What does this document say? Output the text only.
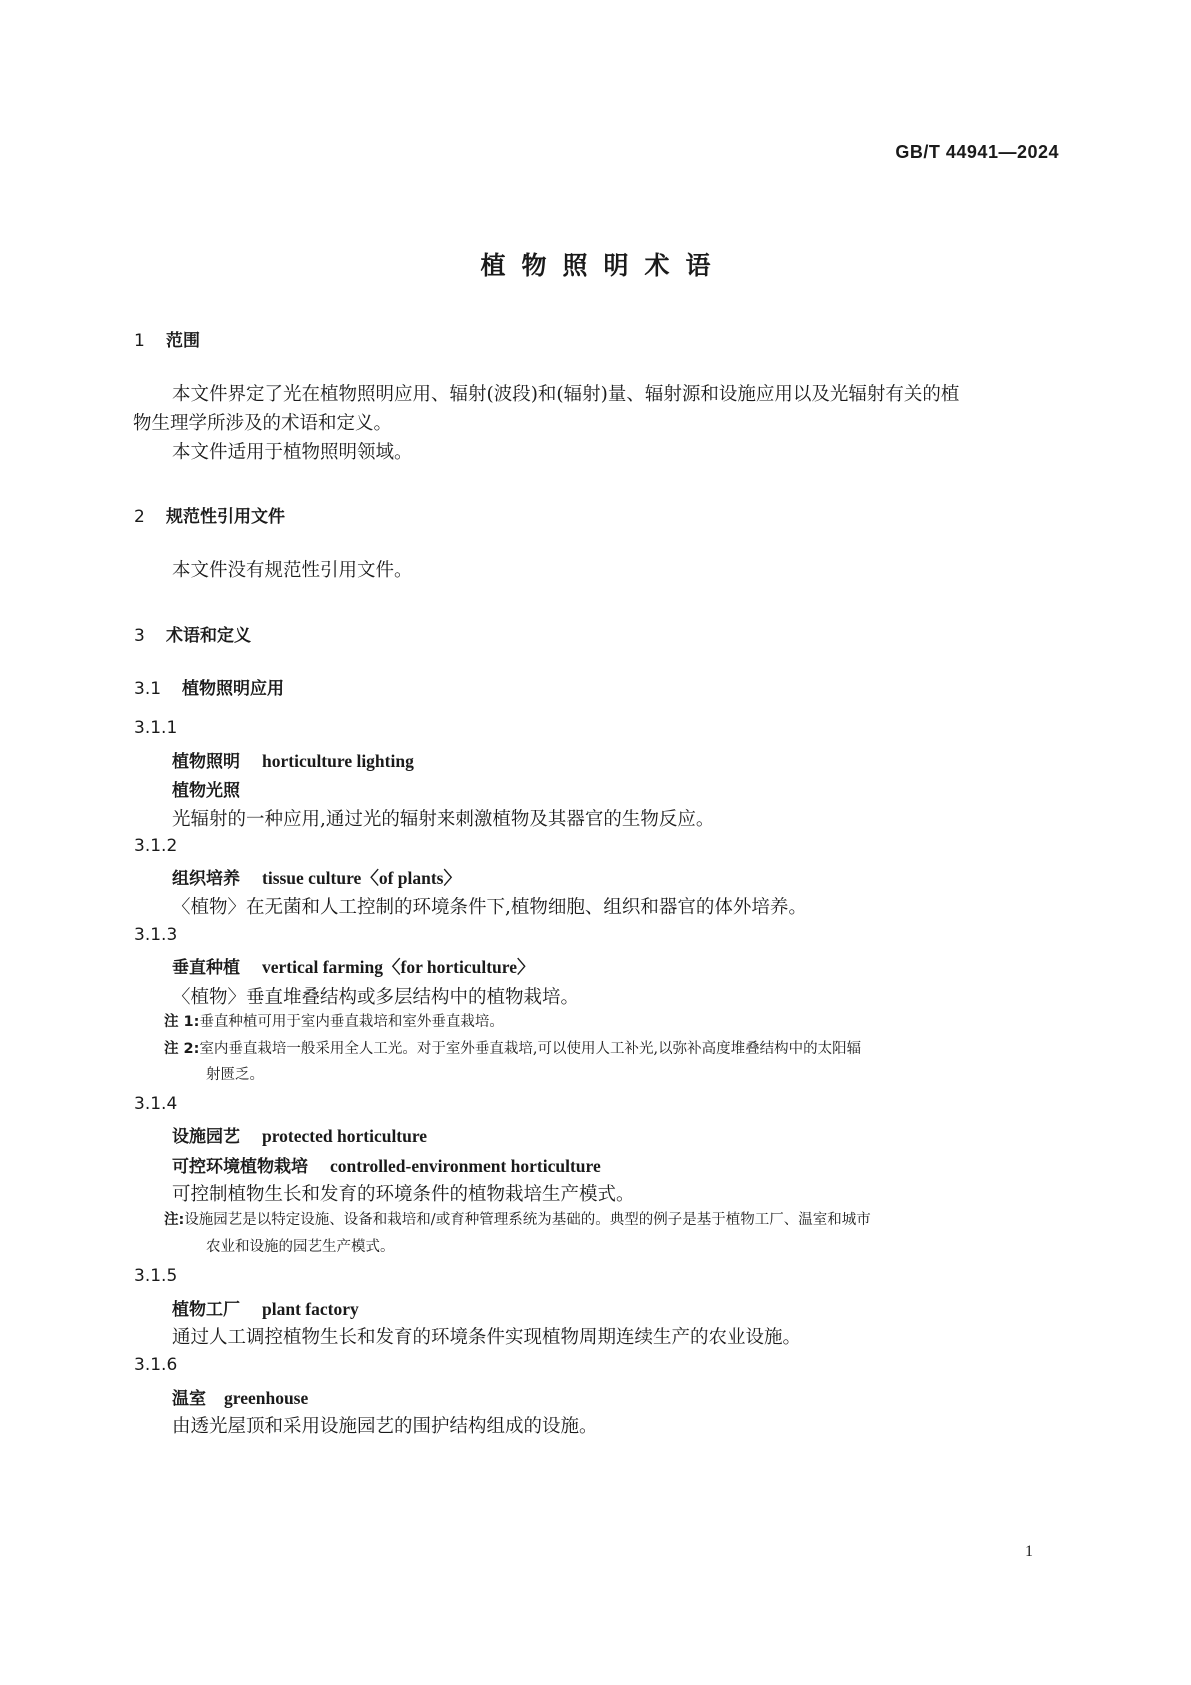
GB/T 44941—2024
植物照明术语
1 范围
本文件界定了光在植物照明应用、辐射(波段)和(辐射)量、辐射源和设施应用以及光辐射有关的植
物生理学所涉及的术语和定义。
本文件适用于植物照明领域。
2 规范性引用文件
本文件没有规范性引用文件。
3 术语和定义
3.1 植物照明应用
3.1.1
植物照明 horticulture lighting
植物光照
光辐射的一种应用,通过光的辐射来刺激植物及其器官的生物反应。
3.1.2
组织培养 tissue culture〈of plants〉
〈植物〉在无菌和人工控制的环境条件下,植物细胞、组织和器官的体外培养。
3.1.3
垂直种植 vertical farming〈for horticulture〉
〈植物〉垂直堆叠结构或多层结构中的植物栽培。
注 1:垂直种植可用于室内垂直栽培和室外垂直栽培。
注 2:室内垂直栽培一般采用全人工光。对于室外垂直栽培,可以使用人工补光,以弥补高度堆叠结构中的太阳辐
射匮乏。
3.1.4
设施园艺 protected horticulture
可控环境植物栽培 controlled-environment horticulture
可控制植物生长和发育的环境条件的植物栽培生产模式。
注:设施园艺是以特定设施、设备和栽培和/或育种管理系统为基础的。典型的例子是基于植物工厂、温室和城市
农业和设施的园艺生产模式。
3.1.5
植物工厂 plant factory
通过人工调控植物生长和发育的环境条件实现植物周期连续生产的农业设施。
3.1.6
温室 greenhouse
由透光屋顶和采用设施园艺的围护结构组成的设施。
1
